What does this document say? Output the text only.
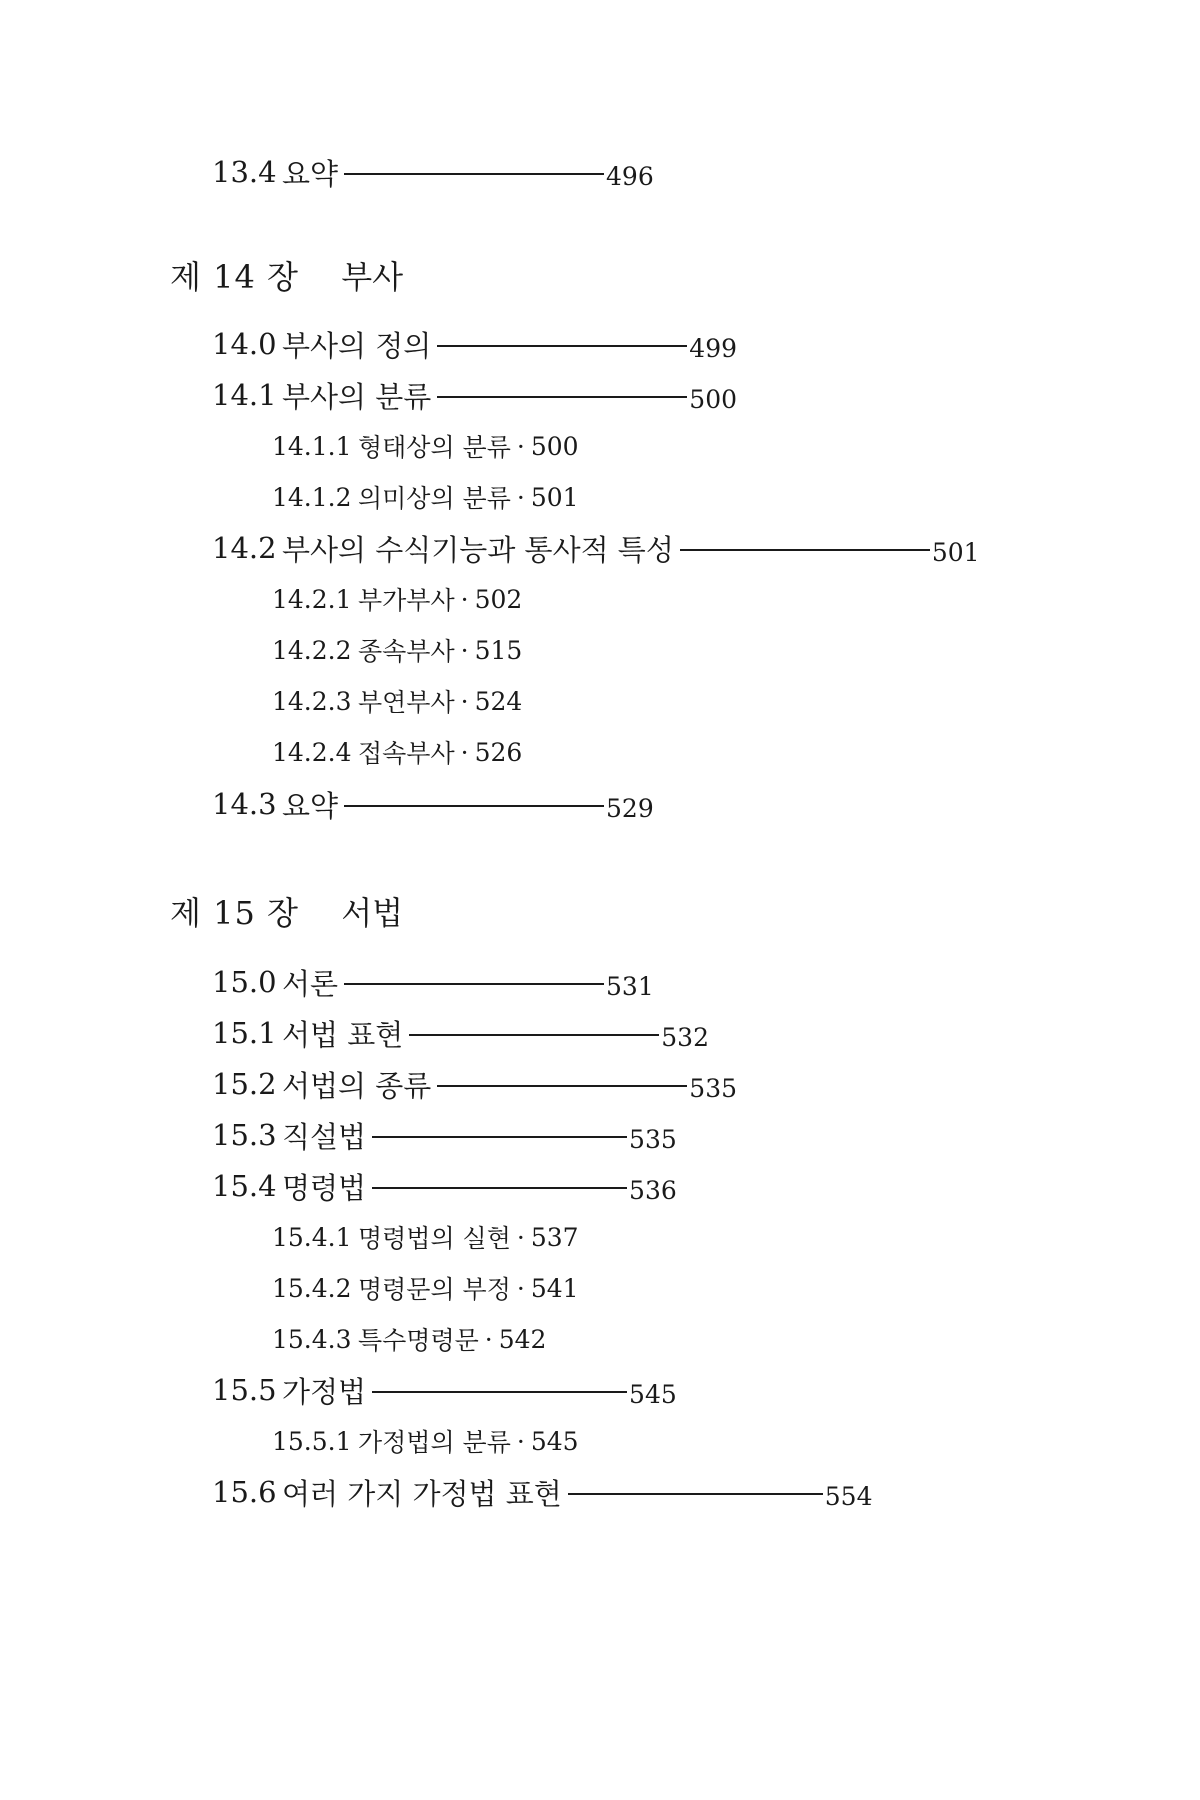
13.4 요약	496
제 14 장 부사
14.0 부사의 정의	499
14.1 부사의 분류	500
14.1.1 형태상의 분류 · 500
14.1.2 의미상의 분류 · 501
14.2 부사의 수식기능과 통사적 특성	501
14.2.1 부가부사 · 502
14.2.2 종속부사 · 515
14.2.3 부연부사 · 524
14.2.4 접속부사 · 526
14.3 요약	529
제 15 장 서법
15.0 서론	531
15.1 서법 표현	532
15.2 서법의 종류	535
15.3 직설법	535
15.4 명령법	536
15.4.1 명령법의 실현 · 537
15.4.2 명령문의 부정 · 541
15.4.3 특수명령문 · 542
15.5 가정법	545
15.5.1 가정법의 분류 · 545
15.6 여러 가지 가정법 표현	554
